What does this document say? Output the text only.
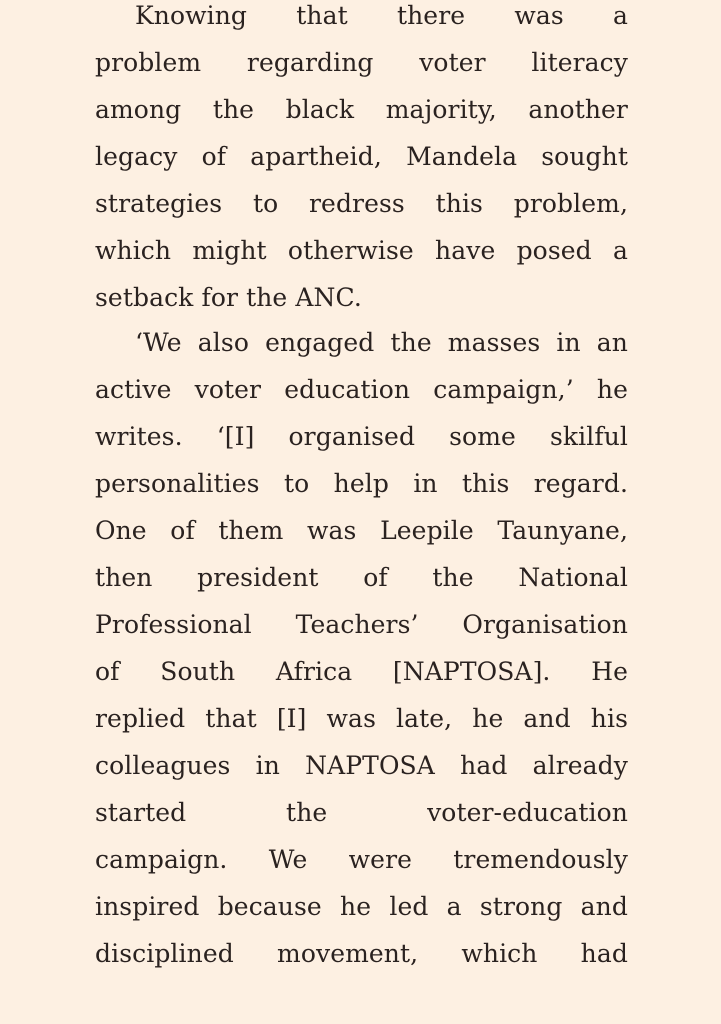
Knowing that there was a
problem regarding voter literacy
among the black majority, another
legacy of apartheid, Mandela sought
strategies to redress this problem,
which might otherwise have posed a
setback for the ANC.
‘We also engaged the masses in an
active voter education campaign,’ he
writes. ‘[I] organised some skilful
personalities to help in this regard.
One of them was Leepile Taunyane,
then president of the National
Professional Teachers’ Organisation
of South Africa [NAPTOSA]. He
replied that [I] was late, he and his
colleagues in NAPTOSA had already
started the voter-education
campaign. We were tremendously
inspired because he led a strong and
disciplined movement, which had
